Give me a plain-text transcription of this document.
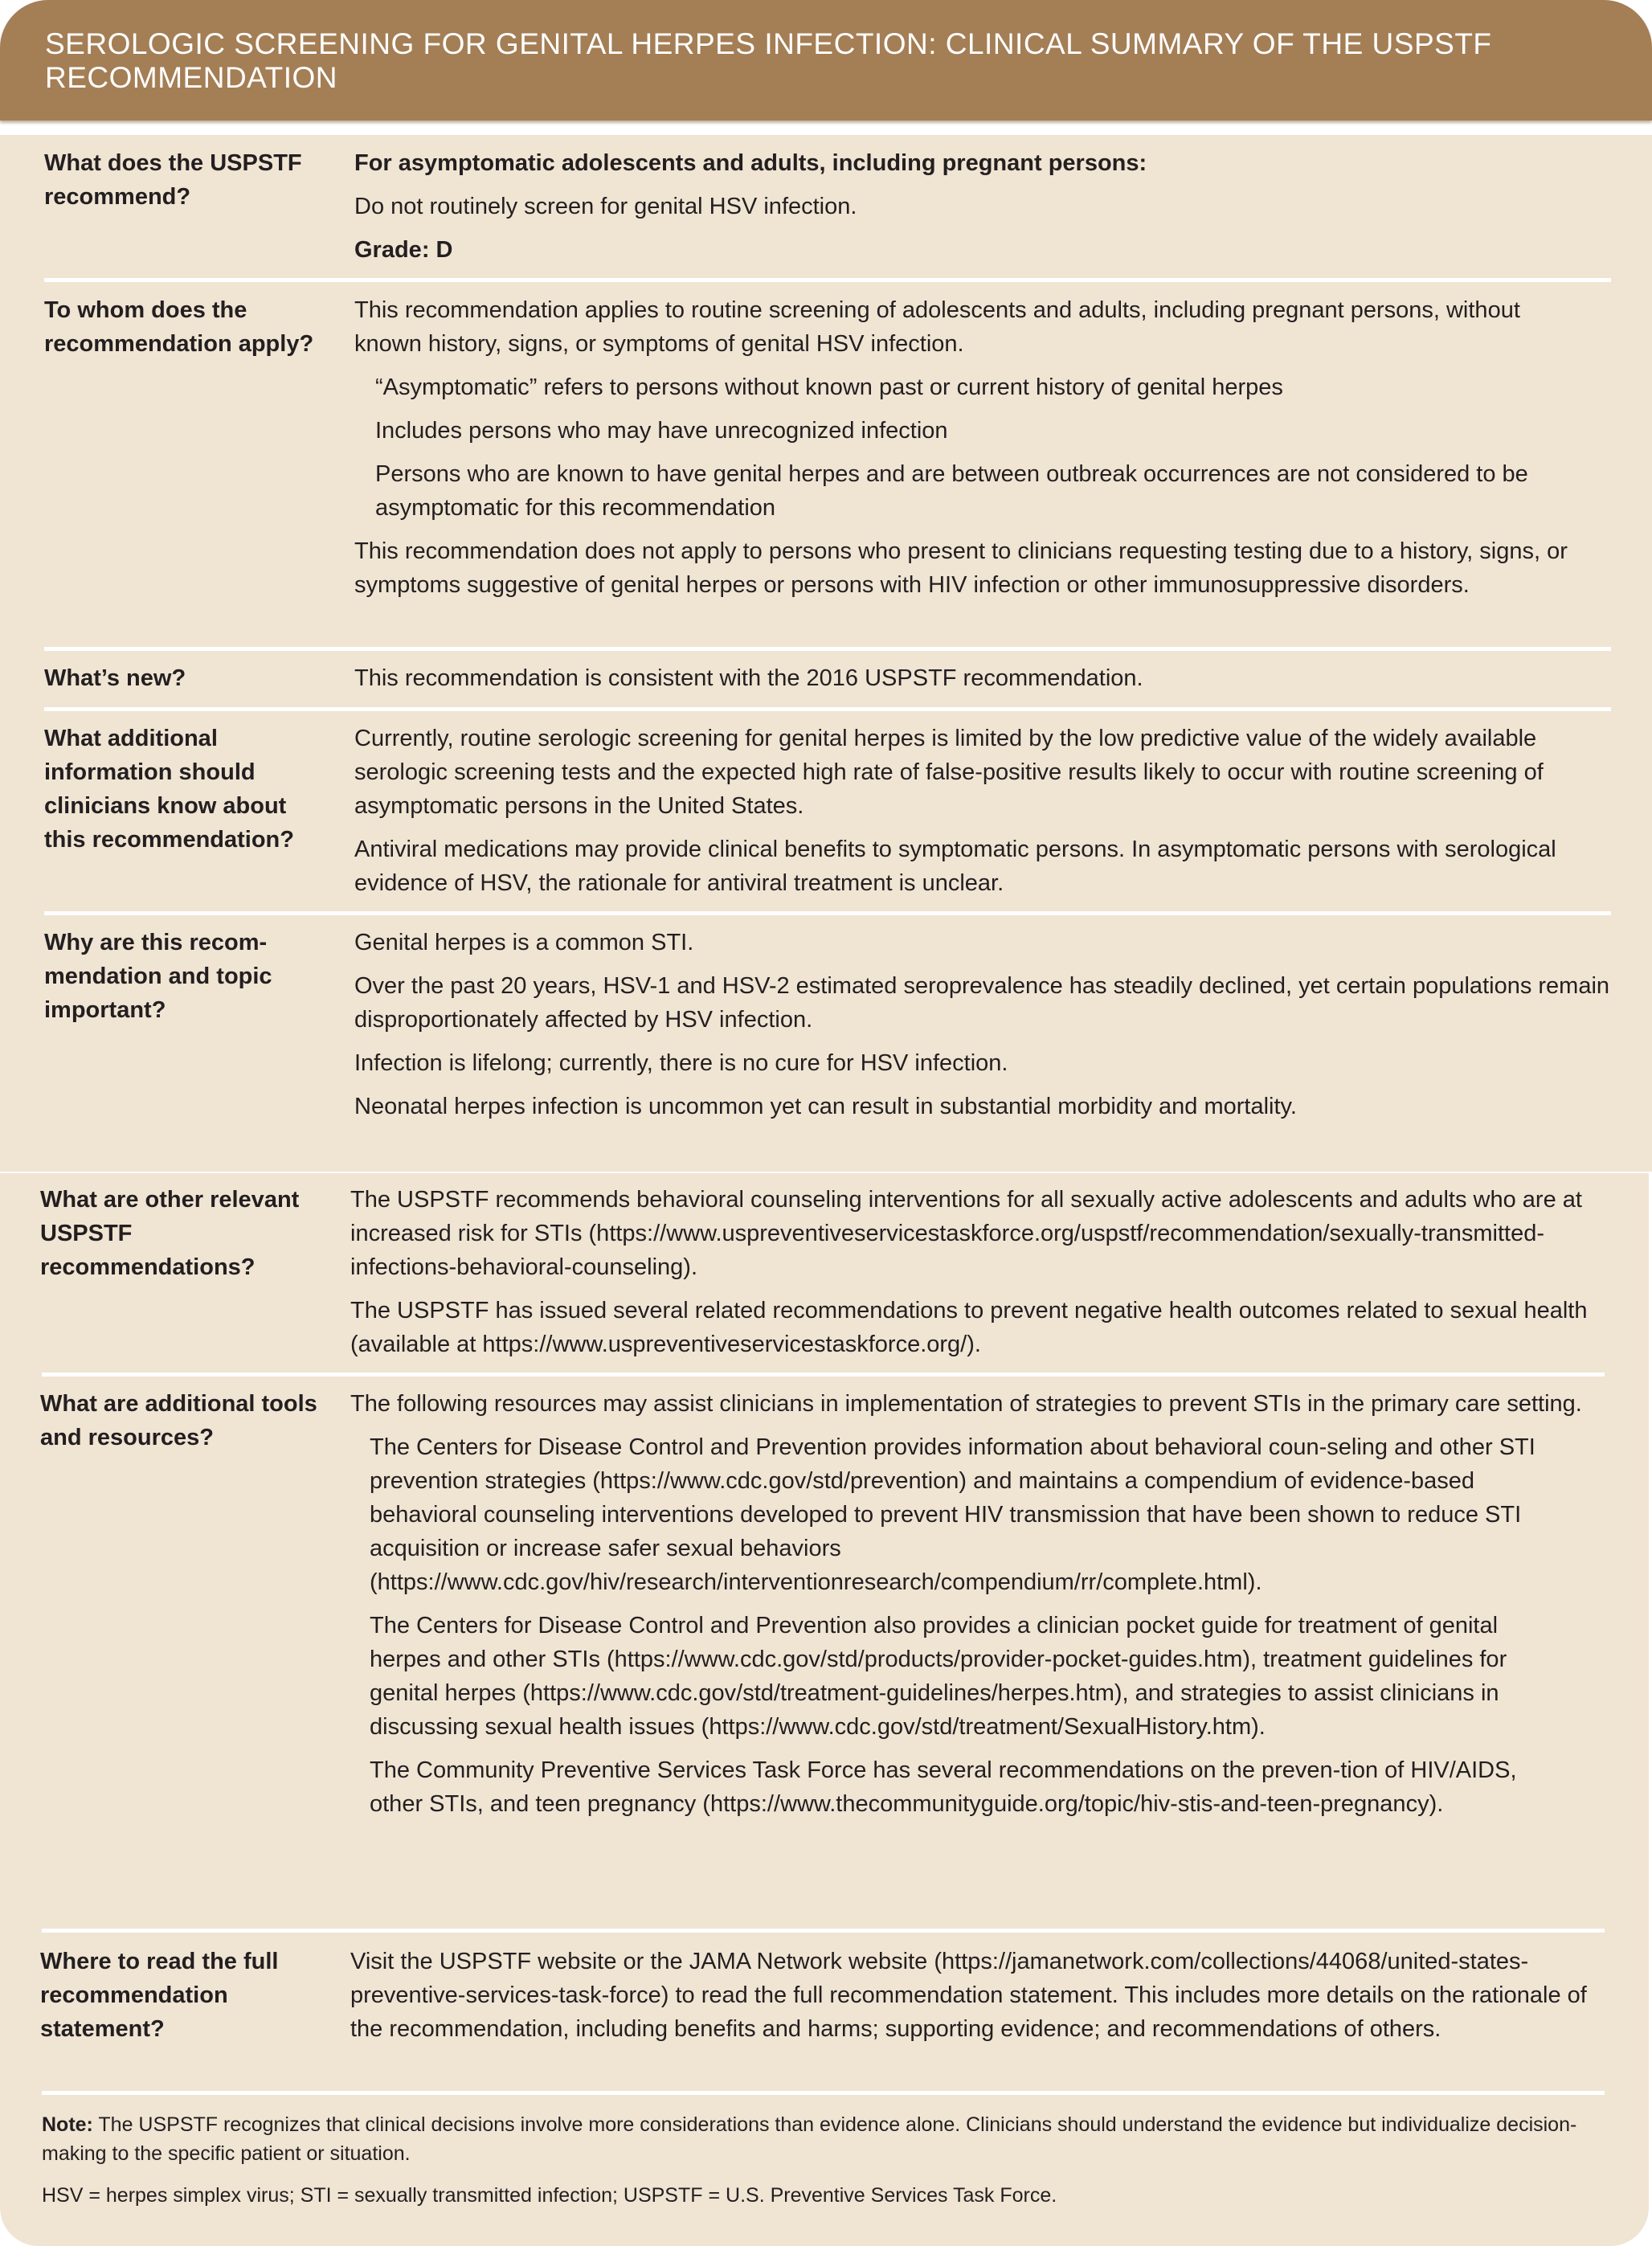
SEROLOGIC SCREENING FOR GENITAL HERPES INFECTION: CLINICAL SUMMARY OF THE USPSTF RECOMMENDATION
What does the USPSTF recommend?

For asymptomatic adolescents and adults, including pregnant persons:

Do not routinely screen for genital HSV infection.

Grade: D

To whom does the recommendation apply?

This recommendation applies to routine screening of adolescents and adults, including pregnant persons, without known history, signs, or symptoms of genital HSV infection.

“Asymptomatic” refers to persons without known past or current history of genital herpes

Includes persons who may have unrecognized infection

Persons who are known to have genital herpes and are between outbreak occurrences are not considered to be asymptomatic for this recommendation

This recommendation does not apply to persons who present to clinicians requesting testing due to a history, signs, or symptoms suggestive of genital herpes or persons with HIV infection or other immunosuppressive disorders.

What’s new?	This recommendation is consistent with the 2016 USPSTF recommendation.

What additional information should clinicians know about this recommendation?

Currently, routine serologic screening for genital herpes is limited by the low predictive value of the widely available serologic screening tests and the expected high rate of false-positive results likely to occur with routine screening of asymptomatic persons in the United States.

Antiviral medications may provide clinical benefits to symptomatic persons. In asymptomatic persons with serological evidence of HSV, the rationale for antiviral treatment is unclear.

Why are this recom-mendation and topic important?

Genital herpes is a common STI.

Over the past 20 years, HSV-1 and HSV-2 estimated seroprevalence has steadily declined, yet certain populations remain disproportionately affected by HSV infection.

Infection is lifelong; currently, there is no cure for HSV infection.

Neonatal herpes infection is uncommon yet can result in substantial morbidity and mortality.

What are other relevant USPSTF recommendations?

The USPSTF recommends behavioral counseling interventions for all sexually active adolescents and adults who are at increased risk for STIs (https://www.uspreventiveservicestaskforce.org/uspstf/recommendation/sexually-transmitted-infections-behavioral-counseling).

The USPSTF has issued several related recommendations to prevent negative health outcomes related to sexual health (available at https://www.uspreventiveservicestaskforce.org/).

What are additional tools and resources?

The following resources may assist clinicians in implementation of strategies to prevent STIs in the primary care setting.

The Centers for Disease Control and Prevention provides information about behavioral coun-seling and other STI prevention strategies (https://www.cdc.gov/std/prevention) and maintains a compendium of evidence-based behavioral counseling interventions developed to prevent HIV transmission that have been shown to reduce STI acquisition or increase safer sexual behaviors (https://www.cdc.gov/hiv/research/interventionresearch/compendium/rr/complete.html).

The Centers for Disease Control and Prevention also provides a clinician pocket guide for treatment of genital herpes and other STIs (https://www.cdc.gov/std/products/provider-pocket-guides.htm), treatment guidelines for genital herpes (https://www.cdc.gov/std/treatment-guidelines/herpes.htm), and strategies to assist clinicians in discussing sexual health issues (https://www.cdc.gov/std/treatment/SexualHistory.htm).

The Community Preventive Services Task Force has several recommendations on the preven-tion of HIV/AIDS, other STIs, and teen pregnancy (https://www.thecommunityguide.org/topic/hiv-stis-and-teen-pregnancy).

Where to read the full recommendation statement?

Visit the USPSTF website or the JAMA Network website (https://jamanetwork.com/collections/44068/united-states-preventive-services-task-force) to read the full recommendation statement. This includes more details on the rationale of the recommendation, including benefits and harms; supporting evidence; and recommendations of others.

Note: The USPSTF recognizes that clinical decisions involve more considerations than evidence alone. Clinicians should understand the evidence but individualize decision-making to the specific patient or situation.

HSV = herpes simplex virus; STI = sexually transmitted infection; USPSTF = U.S. Preventive Services Task Force.
